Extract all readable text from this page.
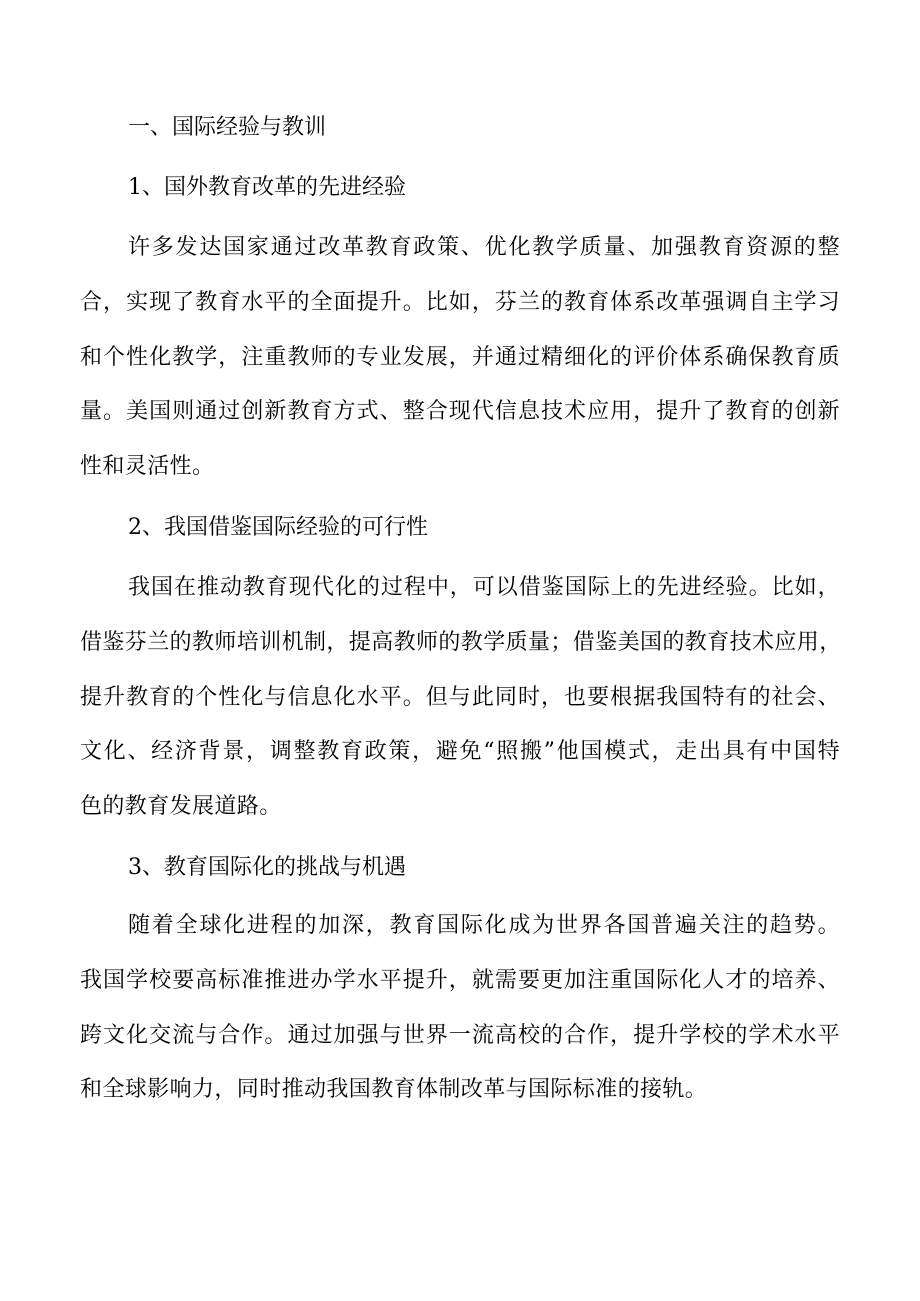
一、国际经验与教训

1、国外教育改革的先进经验

许多发达国家通过改革教育政策、优化教学质量、加强教育资源的整

合，实现了教育水平的全面提升。比如，芬兰的教育体系改革强调自主学习

和个性化教学，注重教师的专业发展，并通过精细化的评价体系确保教育质

量。美国则通过创新教育方式、整合现代信息技术应用，提升了教育的创新

性和灵活性。

2、我国借鉴国际经验的可行性

我国在推动教育现代化的过程中，可以借鉴国际上的先进经验。比如，

借鉴芬兰的教师培训机制，提高教师的教学质量；借鉴美国的教育技术应用，

提升教育的个性化与信息化水平。但与此同时，也要根据我国特有的社会、

文化、经济背景，调整教育政策，避免“照搬”他国模式，走出具有中国特

色的教育发展道路。

3、教育国际化的挑战与机遇

随着全球化进程的加深，教育国际化成为世界各国普遍关注的趋势。

我国学校要高标准推进办学水平提升，就需要更加注重国际化人才的培养、

跨文化交流与合作。通过加强与世界一流高校的合作，提升学校的学术水平

和全球影响力，同时推动我国教育体制改革与国际标准的接轨。
